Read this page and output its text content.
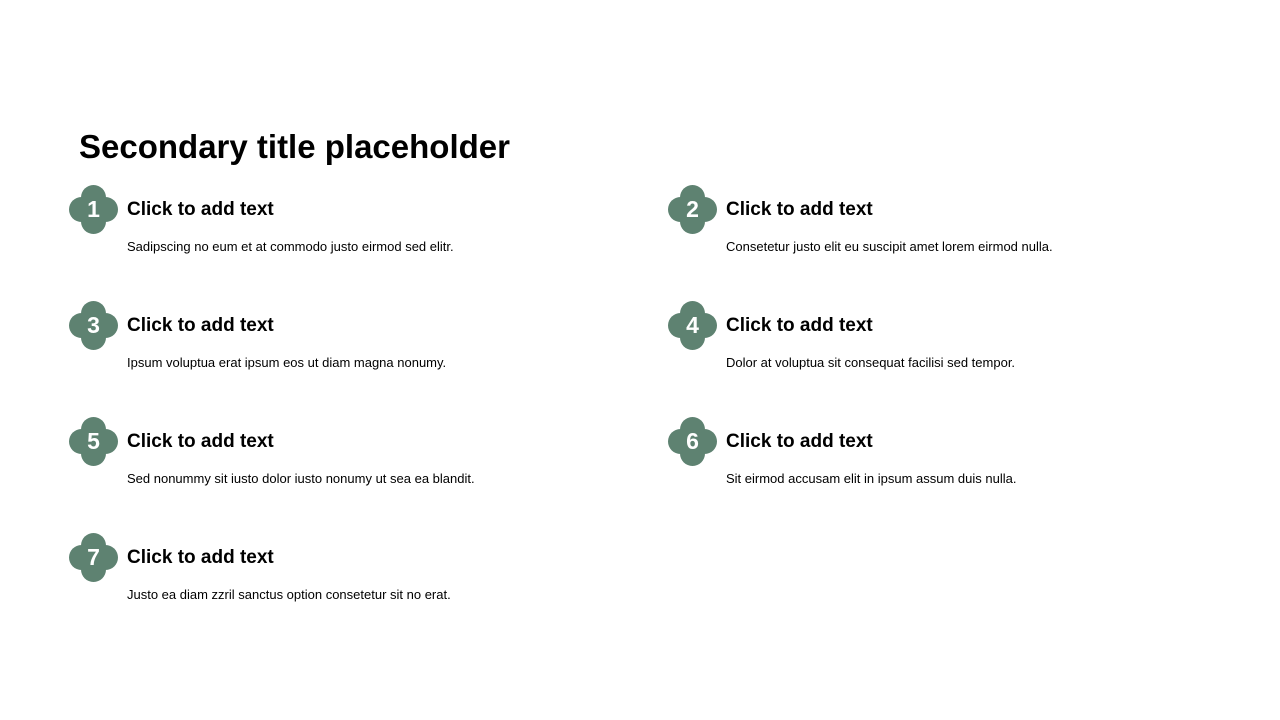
Secondary title placeholder
1	Click to add text
Sadipscing no eum et at commodo justo eirmod sed elitr.
2	Click to add text
Consetetur justo elit eu suscipit amet lorem eirmod nulla.
3	Click to add text
Ipsum voluptua erat ipsum eos ut diam magna nonumy.
4	Click to add text
Dolor at voluptua sit consequat facilisi sed tempor.
5	Click to add text
Sed nonummy sit iusto dolor iusto nonumy ut sea ea blandit.
6	Click to add text
Sit eirmod accusam elit in ipsum assum duis nulla.
7	Click to add text
Justo ea diam zzril sanctus option consetetur sit no erat.
